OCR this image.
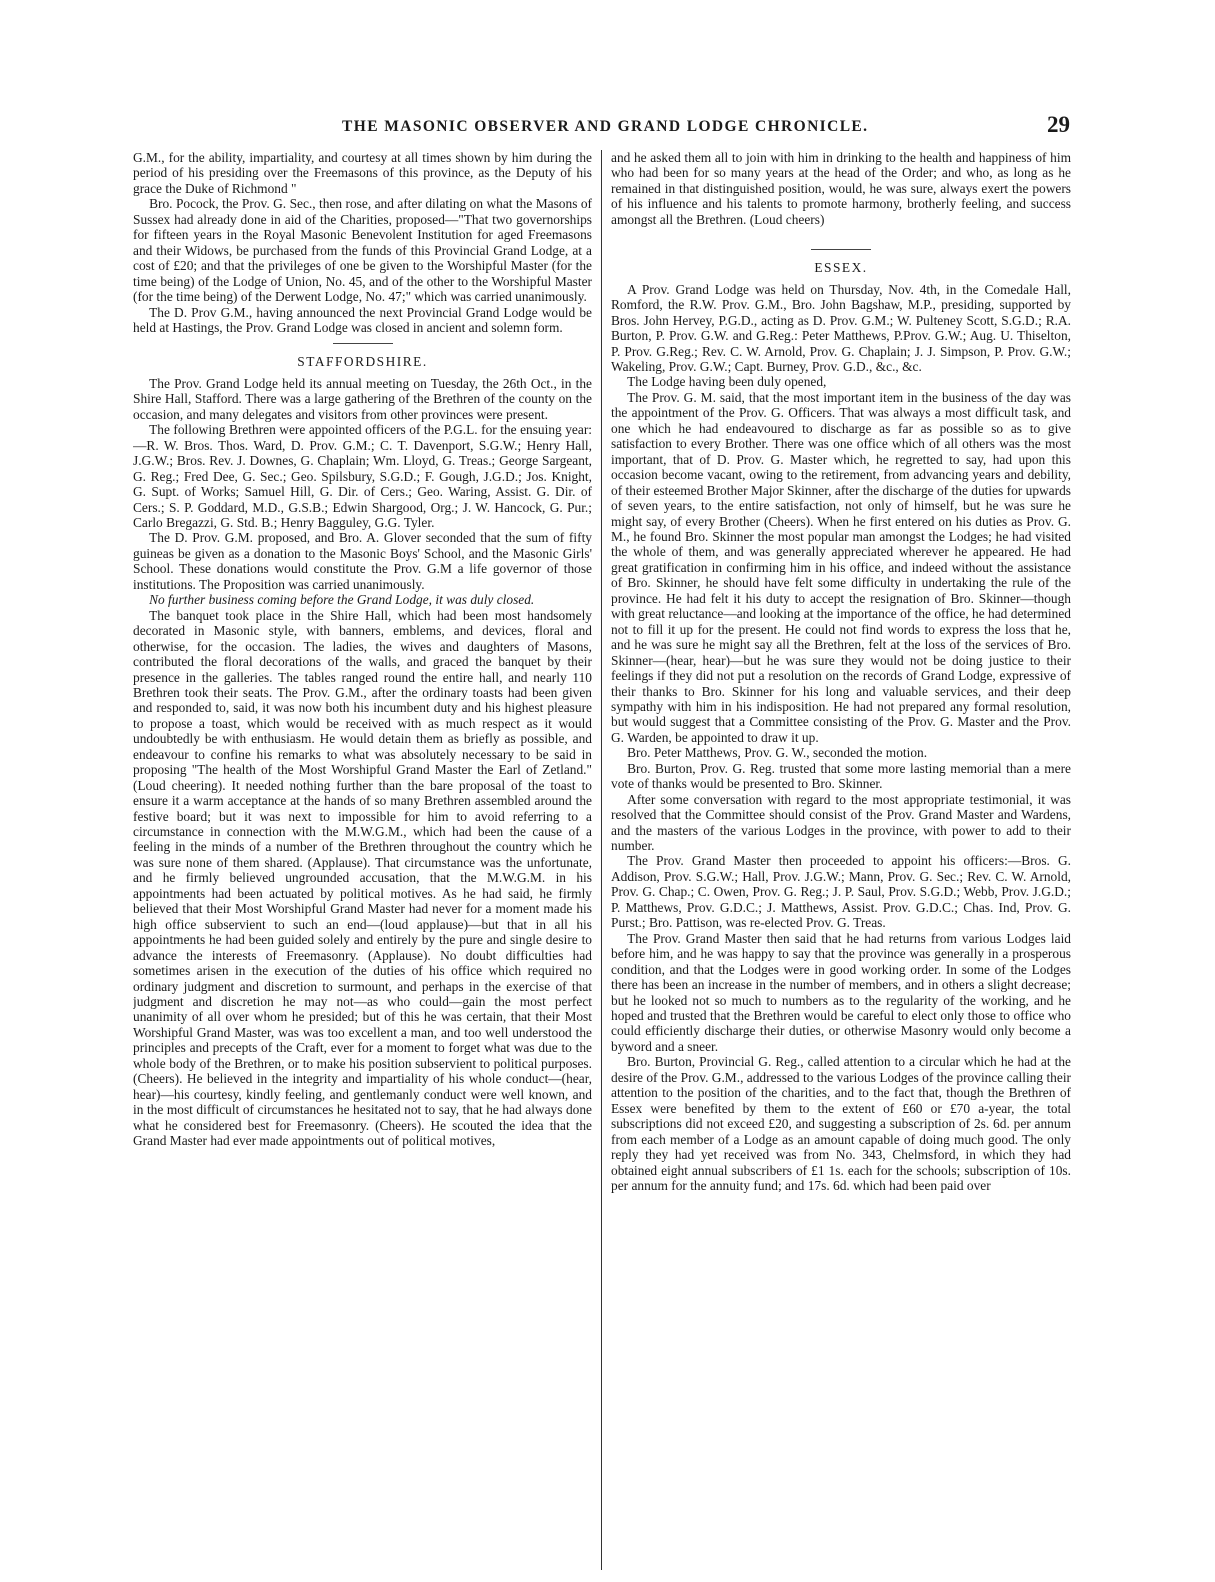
THE MASONIC OBSERVER AND GRAND LODGE CHRONICLE.	29

G.M., for the ability, impartiality, and courtesy at all times shown by him during the period of his presiding over the Freemasons of this province, as the Deputy of his grace the Duke of Richmond "

Bro. Pocock, the Prov. G. Sec., then rose, and after dilating on what the Masons of Sussex had already done in aid of the Charities, proposed—"That two governorships for fifteen years in the Royal Masonic Benevolent Institution for aged Freemasons and their Widows, be purchased from the funds of this Provincial Grand Lodge, at a cost of £20; and that the privileges of one be given to the Worshipful Master (for the time being) of the Lodge of Union, No. 45, and of the other to the Worshipful Master (for the time being) of the Derwent Lodge, No. 47;" which was carried unanimously.

The D. Prov G.M., having announced the next Provincial Grand Lodge would be held at Hastings, the Prov. Grand Lodge was closed in ancient and solemn form.

STAFFORDSHIRE.

The Prov. Grand Lodge held its annual meeting on Tuesday, the 26th Oct., in the Shire Hall, Stafford. There was a large gathering of the Brethren of the county on the occasion, and many delegates and visitors from other provinces were present.

The following Brethren were appointed officers of the P.G.L. for the ensuing year:—R. W. Bros. Thos. Ward, D. Prov. G.M.; C. T. Davenport, S.G.W.; Henry Hall, J.G.W.; Bros. Rev. J. Downes, G. Chaplain; Wm. Lloyd, G. Treas.; George Sargeant, G. Reg.; Fred Dee, G. Sec.; Geo. Spilsbury, S.G.D.; F. Gough, J.G.D.; Jos. Knight, G. Supt. of Works; Samuel Hill, G. Dir. of Cers.; Geo. Waring, Assist. G. Dir. of Cers.; S. P. Goddard, M.D., G.S.B.; Edwin Shargood, Org.; J. W. Hancock, G. Pur.; Carlo Bregazzi, G. Std. B.; Henry Bagguley, G.G. Tyler.

The D. Prov. G.M. proposed, and Bro. A. Glover seconded that the sum of fifty guineas be given as a donation to the Masonic Boys' School, and the Masonic Girls' School. These donations would constitute the Prov. G.M a life governor of those institutions. The Proposition was carried unanimously.

No further business coming before the Grand Lodge, it was duly closed.

The banquet took place in the Shire Hall, which had been most handsomely decorated in Masonic style, with banners, emblems, and devices, floral and otherwise, for the occasion. The ladies, the wives and daughters of Masons, contributed the floral decorations of the walls, and graced the banquet by their presence in the galleries. The tables ranged round the entire hall, and nearly 110 Brethren took their seats. The Prov. G.M., after the ordinary toasts had been given and responded to, said, it was now both his incumbent duty and his highest pleasure to propose a toast, which would be received with as much respect as it would undoubtedly be with enthusiasm. He would detain them as briefly as possible, and endeavour to confine his remarks to what was absolutely necessary to be said in proposing "The health of the Most Worshipful Grand Master the Earl of Zetland." (Loud cheering). It needed nothing further than the bare proposal of the toast to ensure it a warm acceptance at the hands of so many Brethren assembled around the festive board; but it was next to impossible for him to avoid referring to a circumstance in connection with the M.W.G.M., which had been the cause of a feeling in the minds of a number of the Brethren throughout the country which he was sure none of them shared. (Applause). That circumstance was the unfortunate, and he firmly believed ungrounded accusation, that the M.W.G.M. in his appointments had been actuated by political motives. As he had said, he firmly believed that their Most Worshipful Grand Master had never for a moment made his high office subservient to such an end—(loud applause)—but that in all his appointments he had been guided solely and entirely by the pure and single desire to advance the interests of Freemasonry. (Applause). No doubt difficulties had sometimes arisen in the execution of the duties of his office which required no ordinary judgment and discretion to surmount, and perhaps in the exercise of that judgment and discretion he may not—as who could—gain the most perfect unanimity of all over whom he presided; but of this he was certain, that their Most Worshipful Grand Master, was was too excellent a man, and too well understood the principles and precepts of the Craft, ever for a moment to forget what was due to the whole body of the Brethren, or to make his position subservient to political purposes. (Cheers). He believed in the integrity and impartiality of his whole conduct—(hear, hear)—his courtesy, kindly feeling, and gentlemanly conduct were well known, and in the most difficult of circumstances he hesitated not to say, that he had always done what he considered best for Freemasonry. (Cheers). He scouted the idea that the Grand Master had ever made appointments out of political motives,

and he asked them all to join with him in drinking to the health and happiness of him who had been for so many years at the head of the Order; and who, as long as he remained in that distinguished position, would, he was sure, always exert the powers of his influence and his talents to promote harmony, brotherly feeling, and success amongst all the Brethren. (Loud cheers)

ESSEX.

A Prov. Grand Lodge was held on Thursday, Nov. 4th, in the Comedale Hall, Romford, the R.W. Prov. G.M., Bro. John Bagshaw, M.P., presiding, supported by Bros. John Hervey, P.G.D., acting as D. Prov. G.M.; W. Pulteney Scott, S.G.D.; R.A. Burton, P. Prov. G.W. and G.Reg.: Peter Matthews, P.Prov. G.W.; Aug. U. Thiselton, P. Prov. G.Reg.; Rev. C. W. Arnold, Prov. G. Chaplain; J. J. Simpson, P. Prov. G.W.; Wakeling, Prov. G.W.; Capt. Burney, Prov. G.D., &c., &c.

The Lodge having been duly opened,

The Prov. G. M. said, that the most important item in the business of the day was the appointment of the Prov. G. Officers. That was always a most difficult task, and one which he had endeavoured to discharge as far as possible so as to give satisfaction to every Brother. There was one office which of all others was the most important, that of D. Prov. G. Master which, he regretted to say, had upon this occasion become vacant, owing to the retirement, from advancing years and debility, of their esteemed Brother Major Skinner, after the discharge of the duties for upwards of seven years, to the entire satisfaction, not only of himself, but he was sure he might say, of every Brother (Cheers). When he first entered on his duties as Prov. G. M., he found Bro. Skinner the most popular man amongst the Lodges; he had visited the whole of them, and was generally appreciated wherever he appeared. He had great gratification in confirming him in his office, and indeed without the assistance of Bro. Skinner, he should have felt some difficulty in undertaking the rule of the province. He had felt it his duty to accept the resignation of Bro. Skinner—though with great reluctance—and looking at the importance of the office, he had determined not to fill it up for the present. He could not find words to express the loss that he, and he was sure he might say all the Brethren, felt at the loss of the services of Bro. Skinner—(hear, hear)—but he was sure they would not be doing justice to their feelings if they did not put a resolution on the records of Grand Lodge, expressive of their thanks to Bro. Skinner for his long and valuable services, and their deep sympathy with him in his indisposition. He had not prepared any formal resolution, but would suggest that a Committee consisting of the Prov. G. Master and the Prov. G. Warden, be appointed to draw it up.

Bro. Peter Matthews, Prov. G. W., seconded the motion.

Bro. Burton, Prov. G. Reg. trusted that some more lasting memorial than a mere vote of thanks would be presented to Bro. Skinner.

After some conversation with regard to the most appropriate testimonial, it was resolved that the Committee should consist of the Prov. Grand Master and Wardens, and the masters of the various Lodges in the province, with power to add to their number.

The Prov. Grand Master then proceeded to appoint his officers:—Bros. G. Addison, Prov. S.G.W.; Hall, Prov. J.G.W.; Mann, Prov. G. Sec.; Rev. C. W. Arnold, Prov. G. Chap.; C. Owen, Prov. G. Reg.; J. P. Saul, Prov. S.G.D.; Webb, Prov. J.G.D.; P. Matthews, Prov. G.D.C.; J. Matthews, Assist. Prov. G.D.C.; Chas. Ind, Prov. G. Purst.; Bro. Pattison, was re-elected Prov. G. Treas.

The Prov. Grand Master then said that he had returns from various Lodges laid before him, and he was happy to say that the province was generally in a prosperous condition, and that the Lodges were in good working order. In some of the Lodges there has been an increase in the number of members, and in others a slight decrease; but he looked not so much to numbers as to the regularity of the working, and he hoped and trusted that the Brethren would be careful to elect only those to office who could efficiently discharge their duties, or otherwise Masonry would only become a byword and a sneer.

Bro. Burton, Provincial G. Reg., called attention to a circular which he had at the desire of the Prov. G.M., addressed to the various Lodges of the province calling their attention to the position of the charities, and to the fact that, though the Brethren of Essex were benefited by them to the extent of £60 or £70 a-year, the total subscriptions did not exceed £20, and suggesting a subscription of 2s. 6d. per annum from each member of a Lodge as an amount capable of doing much good. The only reply they had yet received was from No. 343, Chelmsford, in which they had obtained eight annual subscribers of £1 1s. each for the schools; subscription of 10s. per annum for the annuity fund; and 17s. 6d. which had been paid over
